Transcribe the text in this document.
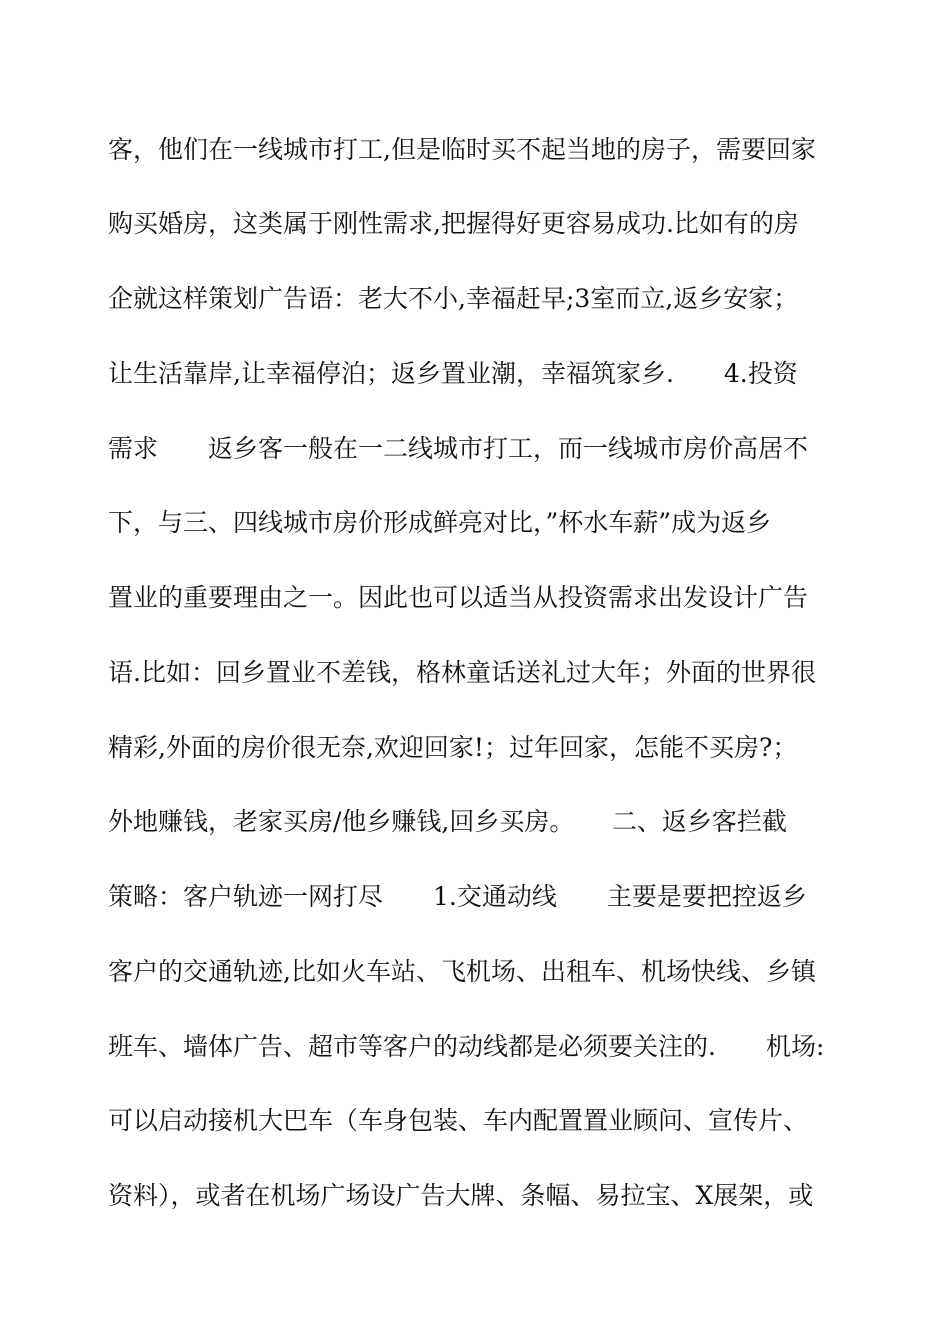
客，他们在一线城市打工,但是临时买不起当地的房子，需要回家

购买婚房，这类属于刚性需求,把握得好更容易成功.比如有的房

企就这样策划广告语：老大不小,幸福赶早;3室而立,返乡安家；

让生活靠岸,让幸福停泊；返乡置业潮，幸福筑家乡.　　4.投资

需求　　返乡客一般在一二线城市打工，而一线城市房价高居不

下，与三、四线城市房价形成鲜亮对比，”杯水车薪”成为返乡

置业的重要理由之一。因此也可以适当从投资需求出发设计广告

语.比如：回乡置业不差钱，格林童话送礼过大年；外面的世界很

精彩,外面的房价很无奈,欢迎回家!；过年回家，怎能不买房?；

外地赚钱，老家买房/他乡赚钱,回乡买房。　　二、返乡客拦截

策略：客户轨迹一网打尽　　1.交通动线　　主要是要把控返乡

客户的交通轨迹,比如火车站、飞机场、出租车、机场快线、乡镇

班车、墙体广告、超市等客户的动线都是必须要关注的.　　机场:

可以启动接机大巴车（车身包装、车内配置置业顾问、宣传片、

资料），或者在机场广场设广告大牌、条幅、易拉宝、X展架，或
